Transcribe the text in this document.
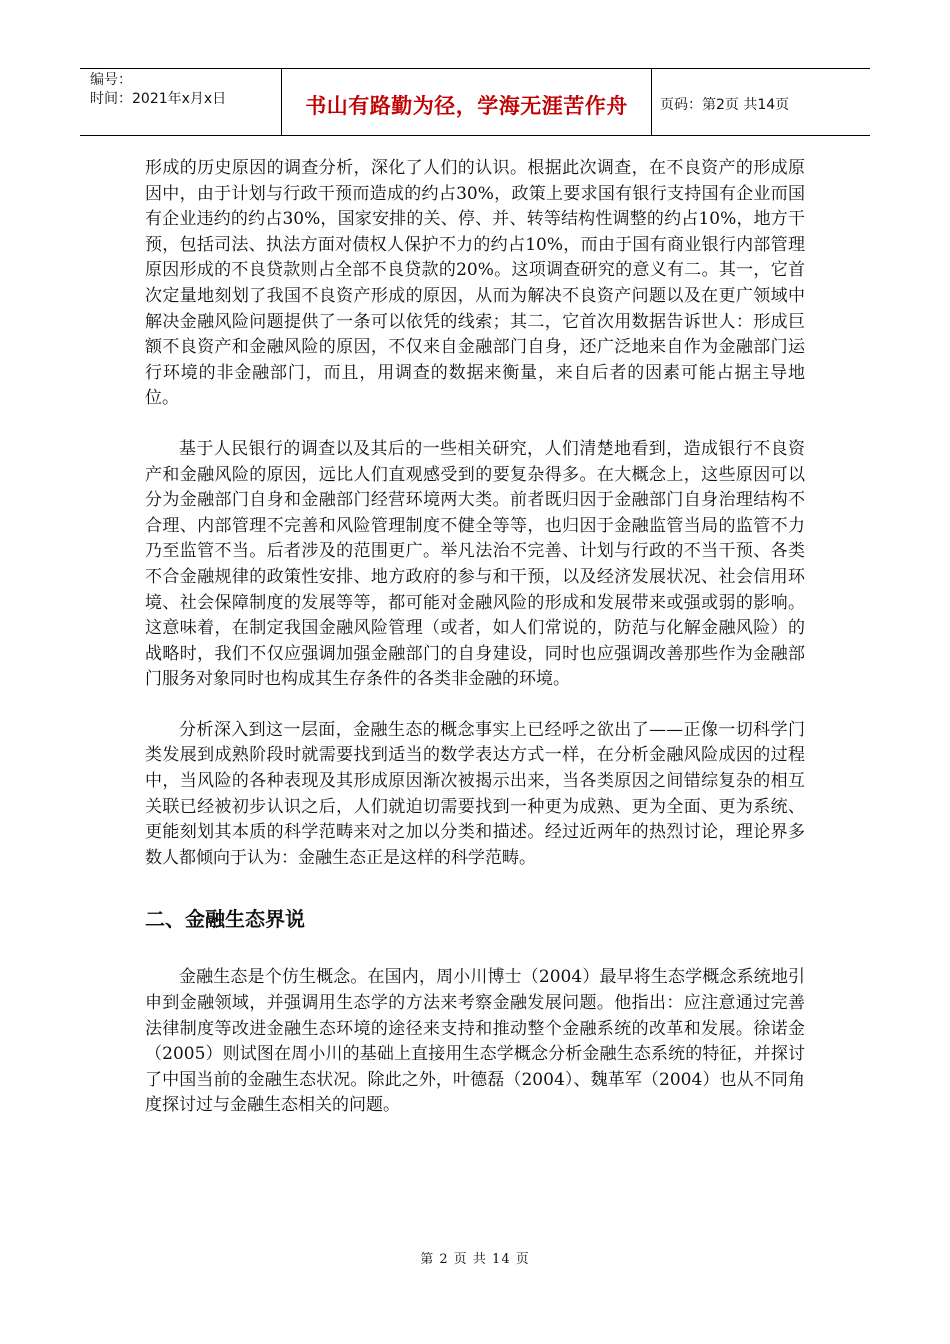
编号：
时间：2021年x月x日	书山有路勤为径，学海无涯苦作舟 页码：第2页 共14页

形成的历史原因的调查分析，深化了人们的认识。根据此次调查，在不良资产的形成原因中，由于计划与行政干预而造成的约占30%，政策上要求国有银行支持国有企业而国有企业违约的约占30%，国家安排的关、停、并、转等结构性调整的约占10%，地方干预，包括司法、执法方面对债权人保护不力的约占10%，而由于国有商业银行内部管理原因形成的不良贷款则占全部不良贷款的20%。这项调查研究的意义有二。其一，它首次定量地刻划了我国不良资产形成的原因，从而为解决不良资产问题以及在更广领域中解决金融风险问题提供了一条可以依凭的线索；其二，它首次用数据告诉世人：形成巨额不良资产和金融风险的原因，不仅来自金融部门自身，还广泛地来自作为金融部门运行环境的非金融部门，而且，用调查的数据来衡量，来自后者的因素可能占据主导地位。

基于人民银行的调查以及其后的一些相关研究，人们清楚地看到，造成银行不良资产和金融风险的原因，远比人们直观感受到的要复杂得多。在大概念上，这些原因可以分为金融部门自身和金融部门经营环境两大类。前者既归因于金融部门自身治理结构不合理、内部管理不完善和风险管理制度不健全等等，也归因于金融监管当局的监管不力乃至监管不当。后者涉及的范围更广。举凡法治不完善、计划与行政的不当干预、各类不合金融规律的政策性安排、地方政府的参与和干预，以及经济发展状况、社会信用环境、社会保障制度的发展等等，都可能对金融风险的形成和发展带来或强或弱的影响。这意味着，在制定我国金融风险管理（或者，如人们常说的，防范与化解金融风险）的战略时，我们不仅应强调加强金融部门的自身建设，同时也应强调改善那些作为金融部门服务对象同时也构成其生存条件的各类非金融的环境。

分析深入到这一层面，金融生态的概念事实上已经呼之欲出了——正像一切科学门类发展到成熟阶段时就需要找到适当的数学表达方式一样，在分析金融风险成因的过程中，当风险的各种表现及其形成原因渐次被揭示出来，当各类原因之间错综复杂的相互关联已经被初步认识之后，人们就迫切需要找到一种更为成熟、更为全面、更为系统、更能刻划其本质的科学范畴来对之加以分类和描述。经过近两年的热烈讨论，理论界多数人都倾向于认为：金融生态正是这样的科学范畴。

二、金融生态界说

金融生态是个仿生概念。在国内，周小川博士（2004）最早将生态学概念系统地引申到金融领域，并强调用生态学的方法来考察金融发展问题。他指出：应注意通过完善法律制度等改进金融生态环境的途径来支持和推动整个金融系统的改革和发展。徐诺金（2005）则试图在周小川的基础上直接用生态学概念分析金融生态系统的特征，并探讨了中国当前的金融生态状况。除此之外，叶德磊（2004）、魏革军（2004）也从不同角度探讨过与金融生态相关的问题。

第 2 页 共 14 页
